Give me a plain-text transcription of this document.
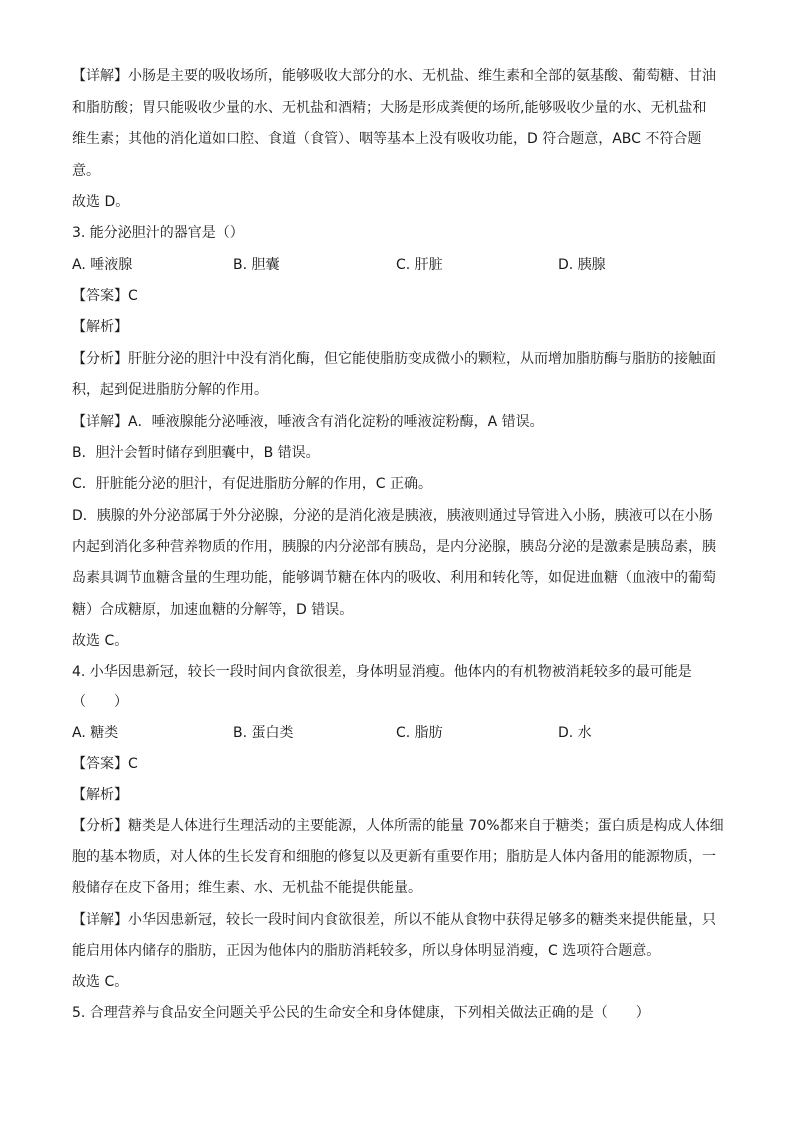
【详解】小肠是主要的吸收场所，能够吸收大部分的水、无机盐、维生素和全部的氨基酸、葡萄糖、甘油
和脂肪酸；胃只能吸收少量的水、无机盐和酒精；大肠是形成粪便的场所,能够吸收少量的水、无机盐和
维生素；其他的消化道如口腔、食道（食管）、咽等基本上没有吸收功能，D 符合题意，ABC 不符合题
意。
故选 D。
3. 能分泌胆汁的器官是（）
A. 唾液腺	B. 胆囊	C. 肝脏	D. 胰腺
【答案】C
【解析】
【分析】肝脏分泌的胆汁中没有消化酶，但它能使脂肪变成微小的颗粒，从而增加脂肪酶与脂肪的接触面
积，起到促进脂肪分解的作用。
【详解】A．唾液腺能分泌唾液，唾液含有消化淀粉的唾液淀粉酶，A 错误。
B．胆汁会暂时储存到胆囊中，B 错误。
C．肝脏能分泌的胆汁，有促进脂肪分解的作用，C 正确。
D．胰腺的外分泌部属于外分泌腺，分泌的是消化液是胰液，胰液则通过导管进入小肠，胰液可以在小肠
内起到消化多种营养物质的作用，胰腺的内分泌部有胰岛，是内分泌腺，胰岛分泌的是激素是胰岛素，胰
岛素具调节血糖含量的生理功能，能够调节糖在体内的吸收、利用和转化等，如促进血糖（血液中的葡萄
糖）合成糖原，加速血糖的分解等，D 错误。
故选 C。
4. 小华因患新冠，较长一段时间内食欲很差，身体明显消瘦。他体内的有机物被消耗较多的最可能是
（　　）
A. 糖类	B. 蛋白类	C. 脂肪	D. 水
【答案】C
【解析】
【分析】糖类是人体进行生理活动的主要能源，人体所需的能量 70%都来自于糖类；蛋白质是构成人体细
胞的基本物质，对人体的生长发育和细胞的修复以及更新有重要作用；脂肪是人体内备用的能源物质，一
般储存在皮下备用；维生素、水、无机盐不能提供能量。
【详解】小华因患新冠，较长一段时间内食欲很差，所以不能从食物中获得足够多的糖类来提供能量，只
能启用体内储存的脂肪，正因为他体内的脂肪消耗较多，所以身体明显消瘦，C 选项符合题意。
故选 C。
5. 合理营养与食品安全问题关乎公民的生命安全和身体健康，下列相关做法正确的是（　　）
